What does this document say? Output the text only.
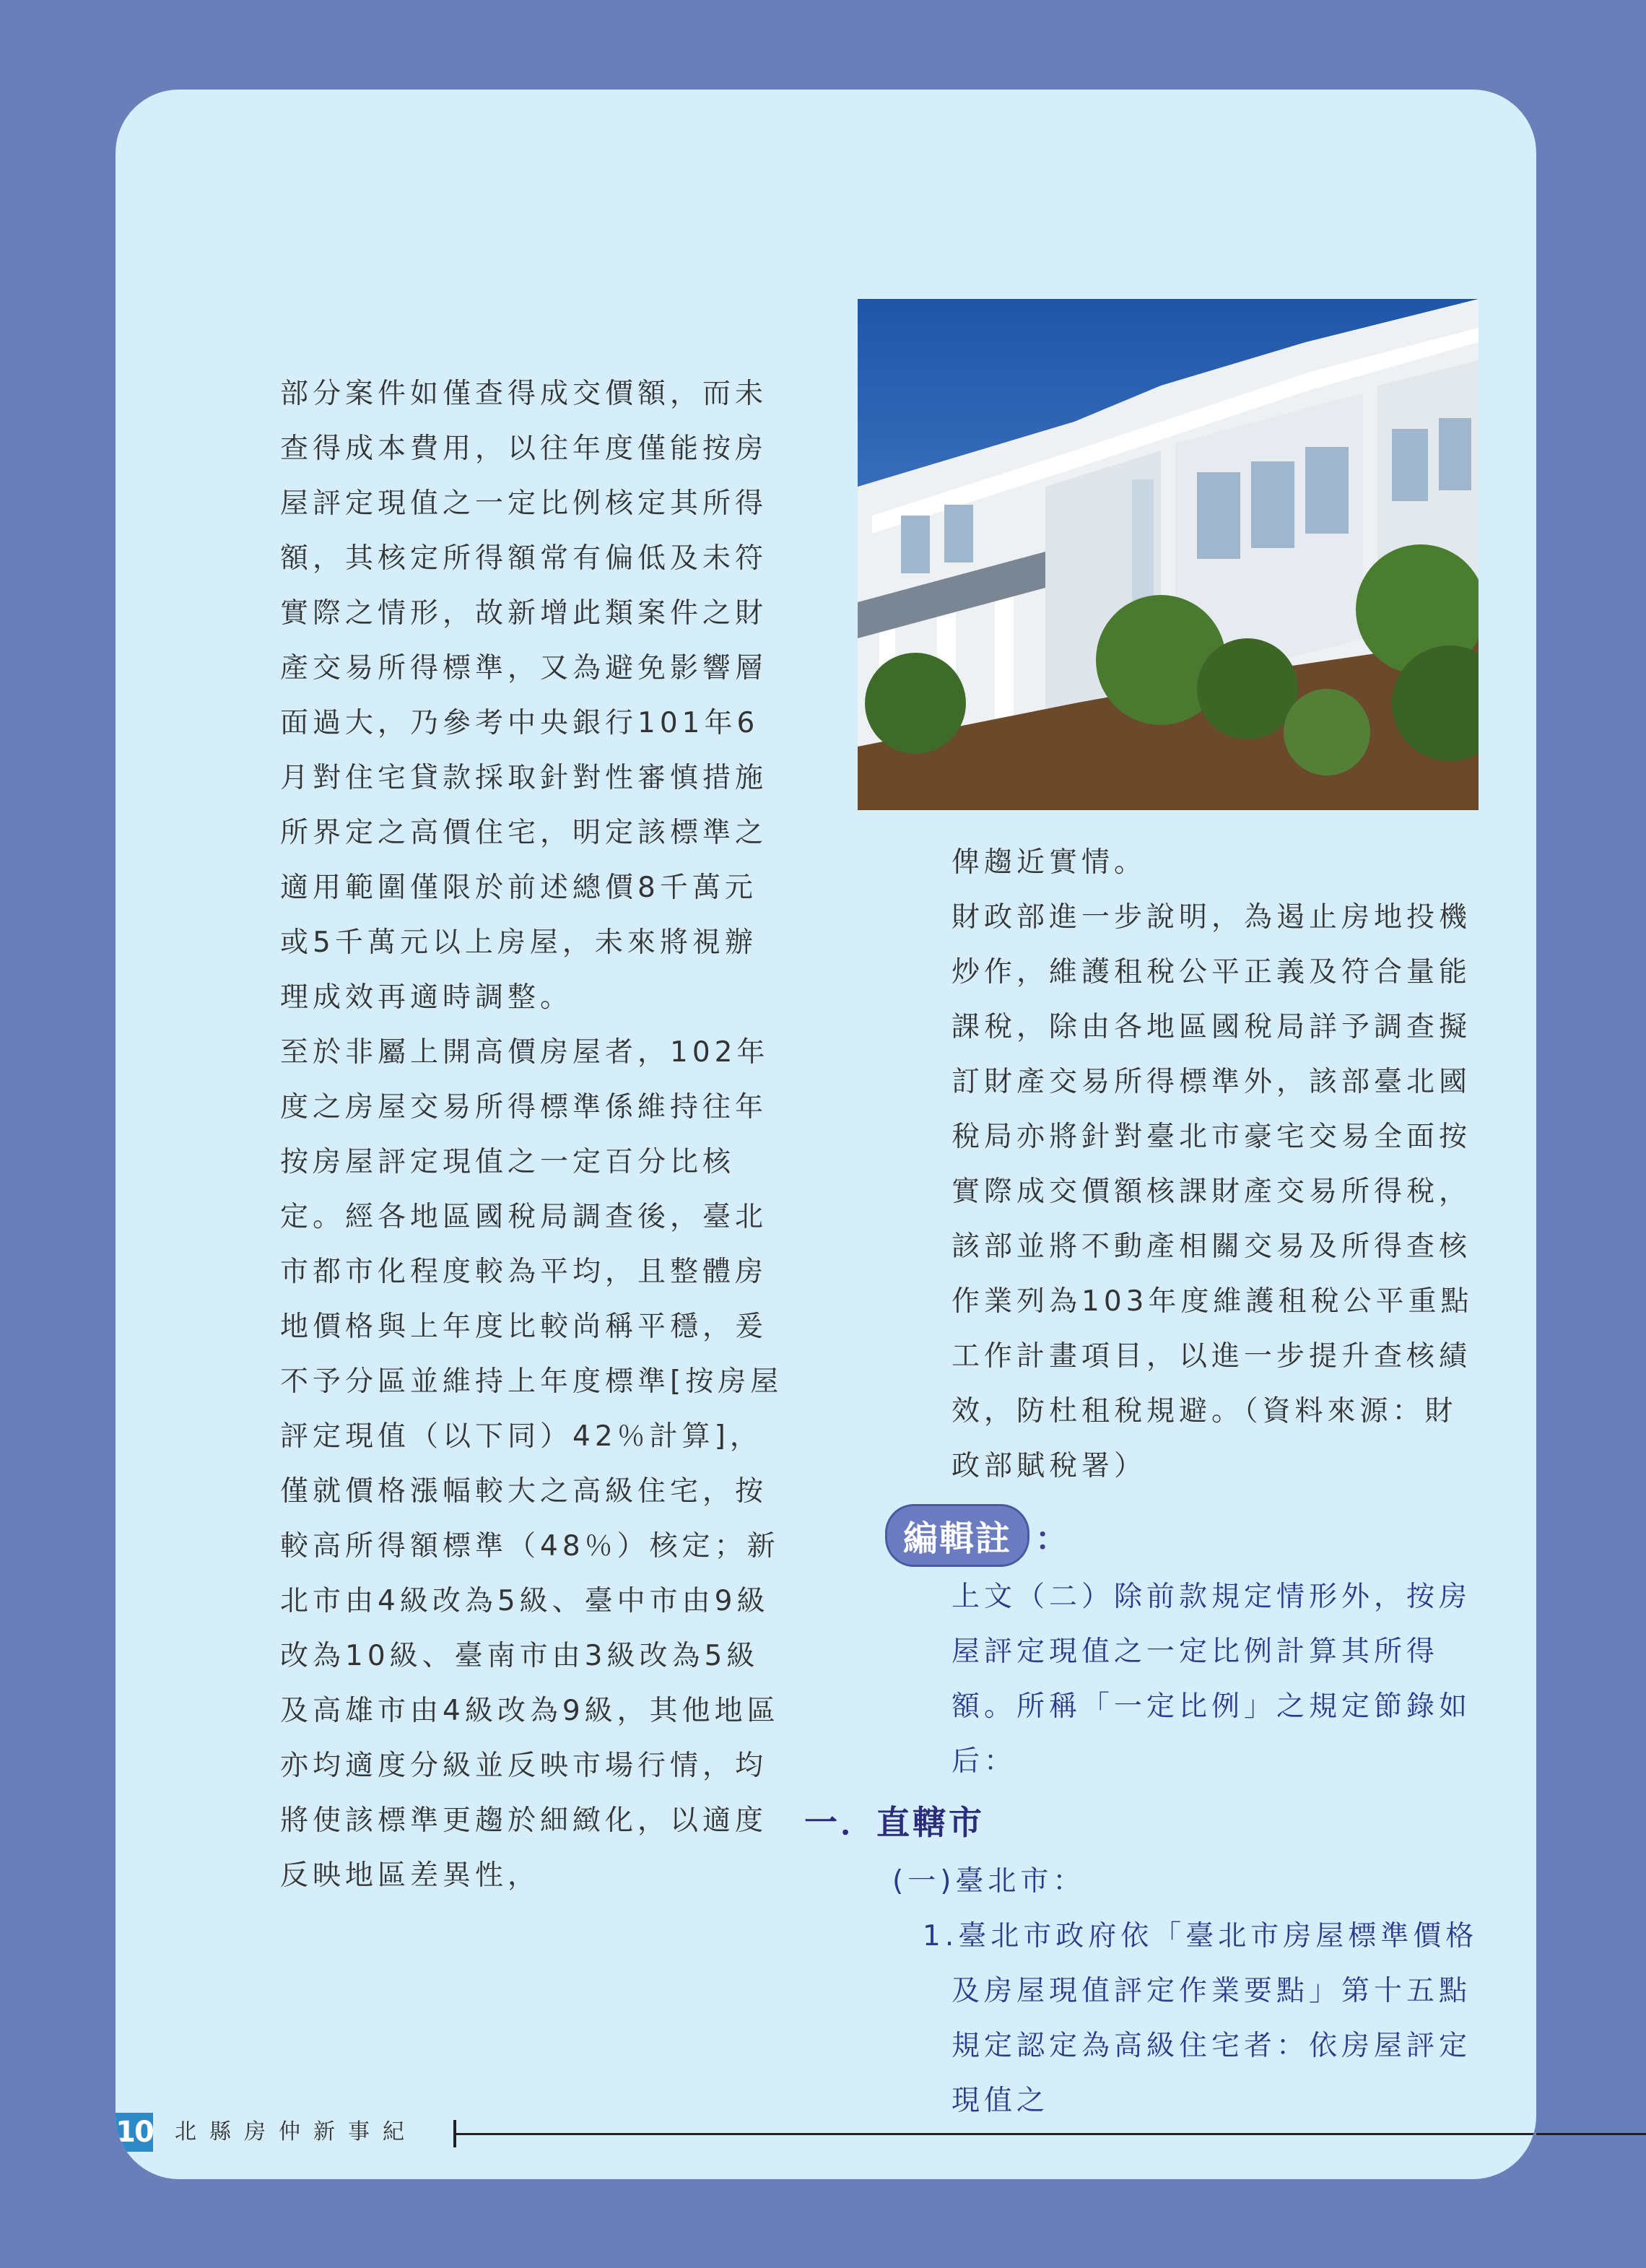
部分案件如僅查得成交價額，而未查得成本費用，以往年度僅能按房屋評定現值之一定比例核定其所得額，其核定所得額常有偏低及未符實際之情形，故新增此類案件之財產交易所得標準，又為避免影響層面過大，乃參考中央銀行101年6月對住宅貸款採取針對性審慎措施所界定之高價住宅，明定該標準之適用範圍僅限於前述總價8千萬元或5千萬元以上房屋，未來將視辦理成效再適時調整。

至於非屬上開高價房屋者，102年度之房屋交易所得標準係維持往年按房屋評定現值之一定百分比核定。經各地區國稅局調查後，臺北市都市化程度較為平均，且整體房地價格與上年度比較尚稱平穩，爰不予分區並維持上年度標準[按房屋評定現值（以下同）42％計算]，僅就價格漲幅較大之高級住宅，按較高所得額標準（48％）核定；新北市由4級改為5級、臺中市由9級改為10級、臺南市由3級改為5級及高雄市由4級改為9級，其他地區亦均適度分級並反映市場行情，均將使該標準更趨於細緻化，以適度反映地區差異性，

俾趨近實情。

財政部進一步說明，為遏止房地投機炒作，維護租稅公平正義及符合量能課稅，除由各地區國稅局詳予調查擬訂財產交易所得標準外，該部臺北國稅局亦將針對臺北市豪宅交易全面按實際成交價額核課財產交易所得稅，該部並將不動產相關交易及所得查核作業列為103年度維護租稅公平重點工作計畫項目，以進一步提升查核績效，防杜租稅規避。（資料來源：財政部賦稅署）

編輯註 ：

上文（二）除前款規定情形外，按房屋評定現值之一定比例計算其所得額。所稱「一定比例」之規定節錄如后：

一．直轄市

(一)臺北市：

1.臺北市政府依「臺北市房屋標準價格及房屋現值評定作業要點」第十五點規定認定為高級住宅者：依房屋評定現值之

10 北縣房仲新事紀
